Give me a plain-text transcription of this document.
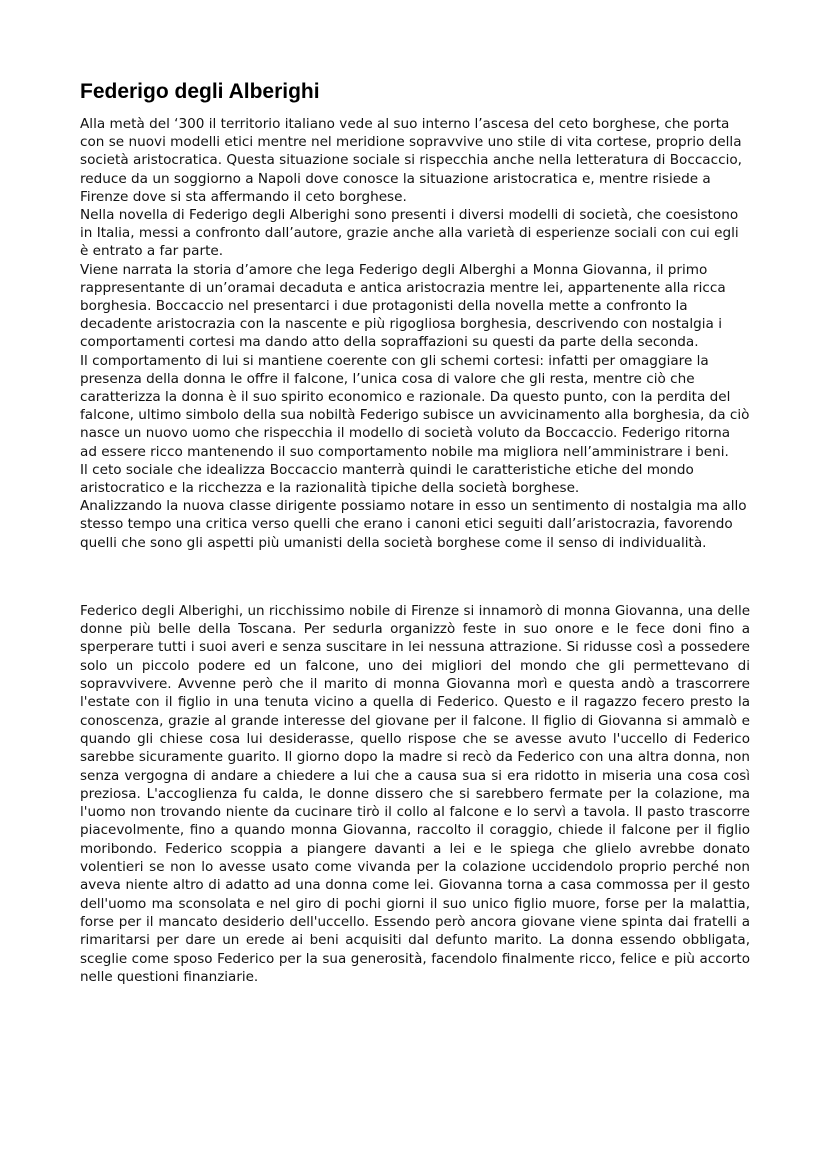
Federigo degli Alberighi

Alla metà del ‘300 il territorio italiano vede al suo interno l’ascesa del ceto borghese, che porta con se nuovi modelli etici mentre nel meridione sopravvive uno stile di vita cortese, proprio della società aristocratica. Questa situazione sociale si rispecchia anche nella letteratura di Boccaccio, reduce da un soggiorno a Napoli dove conosce la situazione aristocratica e, mentre risiede a Firenze dove si sta affermando il ceto borghese.

Nella novella di Federigo degli Alberighi sono presenti i diversi modelli di società, che coesistono in Italia, messi a confronto dall’autore, grazie anche alla varietà di esperienze sociali con cui egli è entrato a far parte.

Viene narrata la storia d’amore che lega Federigo degli Alberghi a Monna Giovanna, il primo rappresentante di un’oramai decaduta e antica aristocrazia mentre lei, appartenente alla ricca borghesia. Boccaccio nel presentarci i due protagonisti della novella mette a confronto la decadente aristocrazia con la nascente e più rigogliosa borghesia, descrivendo con nostalgia i comportamenti cortesi ma dando atto della sopraffazioni su questi da parte della seconda.

Il comportamento di lui si mantiene coerente con gli schemi cortesi: infatti per omaggiare la presenza della donna le offre il falcone, l’unica cosa di valore che gli resta, mentre ciò che caratterizza la donna è il suo spirito economico e razionale. Da questo punto, con la perdita del falcone, ultimo simbolo della sua nobiltà Federigo subisce un avvicinamento alla borghesia, da ciò nasce un nuovo uomo che rispecchia il modello di società voluto da Boccaccio. Federigo ritorna ad essere ricco mantenendo il suo comportamento nobile ma migliora nell’amministrare i beni.

Il ceto sociale che idealizza Boccaccio manterrà quindi le caratteristiche etiche del mondo aristocratico e la ricchezza e la razionalità tipiche della società borghese.

Analizzando la nuova classe dirigente possiamo notare in esso un sentimento di nostalgia ma allo stesso tempo una critica verso quelli che erano i canoni etici seguiti dall’aristocrazia, favorendo quelli che sono gli aspetti più umanisti della società borghese come il senso di individualità.

Federico degli Alberighi, un ricchissimo nobile di Firenze si innamorò di monna Giovanna, una delle donne più belle della Toscana. Per sedurla organizzò feste in suo onore e le fece doni fino a sperperare tutti i suoi averi e senza suscitare in lei nessuna attrazione. Si ridusse così a possedere solo un piccolo podere ed un falcone, uno dei migliori del mondo che gli permettevano di sopravvivere. Avvenne però che il marito di monna Giovanna morì e questa andò a trascorrere l'estate con il figlio in una tenuta vicino a quella di Federico. Questo e il ragazzo fecero presto la conoscenza, grazie al grande interesse del giovane per il falcone. Il figlio di Giovanna si ammalò e quando gli chiese cosa lui desiderasse, quello rispose che se avesse avuto l'uccello di Federico sarebbe sicuramente guarito. Il giorno dopo la madre si recò da Federico con una altra donna, non senza vergogna di andare a chiedere a lui che a causa sua si era ridotto in miseria una cosa così preziosa. L'accoglienza fu calda, le donne dissero che si sarebbero fermate per la colazione, ma l'uomo non trovando niente da cucinare tirò il collo al falcone e lo servì a tavola. Il pasto trascorre piacevolmente, fino a quando monna Giovanna, raccolto il coraggio, chiede il falcone per il figlio moribondo. Federico scoppia a piangere davanti a lei e le spiega che glielo avrebbe donato volentieri se non lo avesse usato come vivanda per la colazione uccidendolo proprio perché non aveva niente altro di adatto ad una donna come lei. Giovanna torna a casa commossa per il gesto dell'uomo ma sconsolata e nel giro di pochi giorni il suo unico figlio muore, forse per la malattia, forse per il mancato desiderio dell'uccello. Essendo però ancora giovane viene spinta dai fratelli a rimaritarsi per dare un erede ai beni acquisiti dal defunto marito. La donna essendo obbligata, sceglie come sposo Federico per la sua generosità, facendolo finalmente ricco, felice e più accorto nelle questioni finanziarie.
